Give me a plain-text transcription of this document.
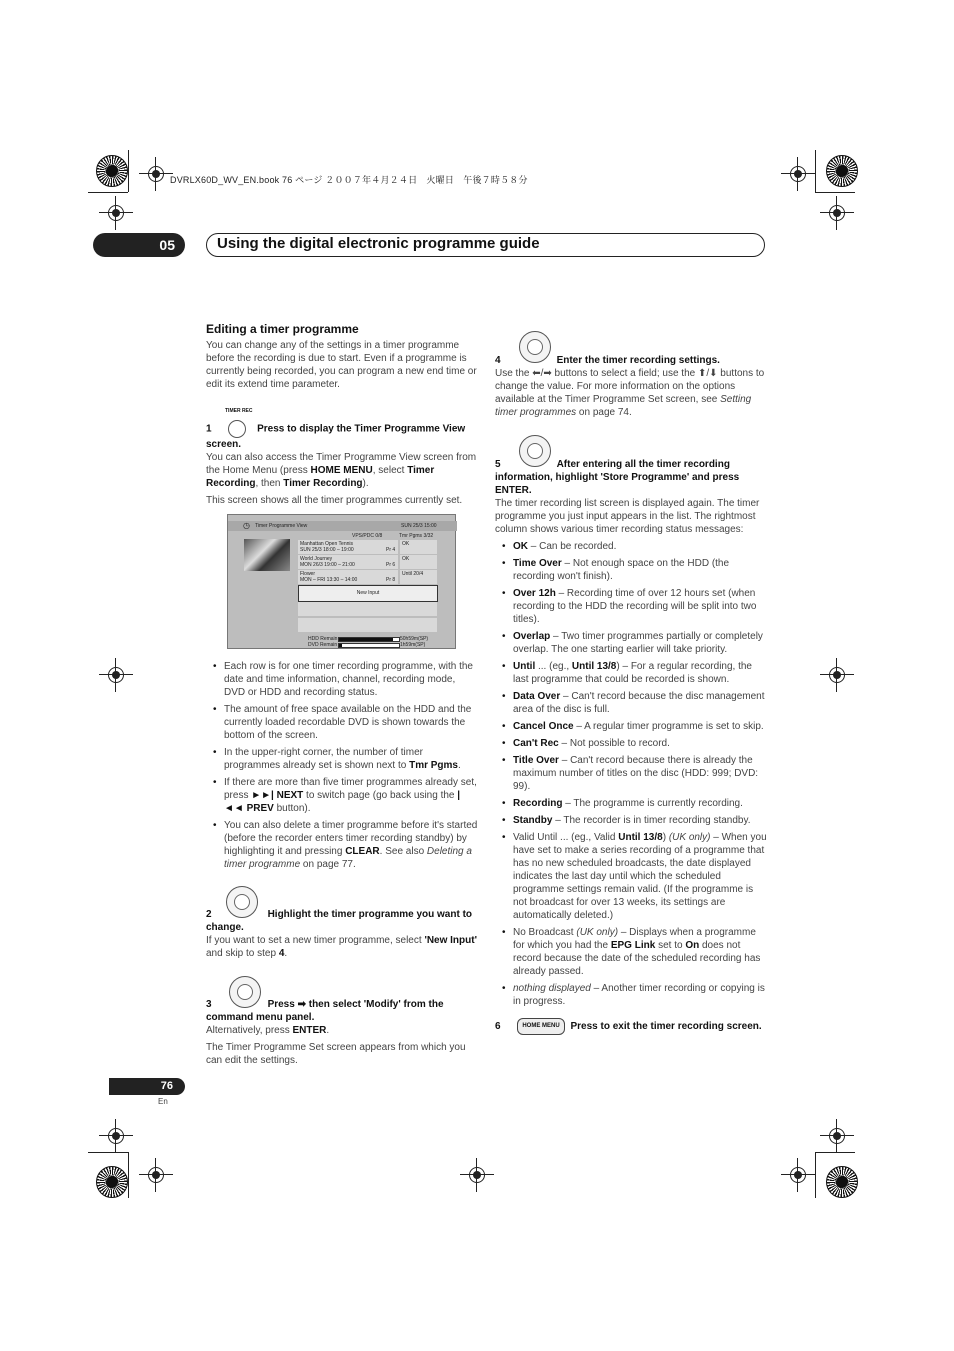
DVRLX60D_WV_EN.book 76 ページ ２００７年４月２４日　火曜日　午後７時５８分
05	Using the digital electronic programme guide
Editing a timer programme

You can change any of the settings in a timer programme before the recording is due to start. Even if a programme is currently being recorded, you can program a new end time or edit its extend time parameter.

TIMER REC

1	Press to display the Timer Programme View screen.

You can also access the Timer Programme View screen from the Home Menu (press HOME MENU, select Timer Recording, then Timer Recording).

This screen shows all the timer programmes currently set.

◷ Timer Programme View	SUN 25/3 15:00
VPS/PDC 0/8	Tmr Pgms 3/32
Manhattan Open Tennis
SUN 25/3 18:00 – 19:00	Pr 4
OK
World Journey
MON 26/3 19:00 – 21:00	Pr 6
OK
Flower
MON – FRI 13:30 – 14:00	Pr 8
Until 20/4
New Input
HDD Remain	50h59m(SP)
DVD Remain	1h59m(SP)
• Each row is for one timer recording programme, with the date and time information, channel, recording mode, DVD or HDD and recording status.
• The amount of free space available on the HDD and the currently loaded recordable DVD is shown towards the bottom of the screen.
• In the upper-right corner, the number of timer programmes already set is shown next to Tmr Pgms.
• If there are more than five timer programmes already set, press ►►| NEXT to switch page (go back using the |◄◄ PREV button).
• You can also delete a timer programme before it's started (before the recorder enters timer recording standby) by highlighting it and pressing CLEAR. See also Deleting a timer programme on page 77.

2	Highlight the timer programme you want to change.

If you want to set a new timer programme, select 'New Input' and skip to step 4.

3	Press ➡ then select 'Modify' from the command menu panel.

Alternatively, press ENTER.

The Timer Programme Set screen appears from which you can edit the settings.

4	Enter the timer recording settings.

Use the ⬅/➡ buttons to select a field; use the ⬆/⬇ buttons to change the value. For more information on the options available at the Timer Programme Set screen, see Setting timer programmes on page 74.

5	After entering all the timer recording information, highlight 'Store Programme' and press ENTER.

The timer recording list screen is displayed again. The timer programme you just input appears in the list. The rightmost column shows various timer recording status messages:

• OK – Can be recorded.
• Time Over – Not enough space on the HDD (the recording won't finish).
• Over 12h – Recording time of over 12 hours set (when recording to the HDD the recording will be split into two titles).
• Overlap – Two timer programmes partially or completely overlap. The one starting earlier will take priority.
• Until ... (eg., Until 13/8) – For a regular recording, the last programme that could be recorded is shown.
• Data Over – Can't record because the disc management area of the disc is full.
• Cancel Once – A regular timer programme is set to skip.
• Can't Rec – Not possible to record.
• Title Over – Can't record because there is already the maximum number of titles on the disc (HDD: 999; DVD: 99).
• Recording – The programme is currently recording.
• Standby – The recorder is in timer recording standby.
• Valid Until ... (eg., Valid Until 13/8) (UK only) – When you have set to make a series recording of a programme that has no new scheduled broadcasts, the date displayed indicates the last day until which the scheduled programme settings remain valid. (If the programme is not broadcast for over 13 weeks, its settings are automatically deleted.)
• No Broadcast (UK only) – Displays when a programme for which you had the EPG Link set to On does not record because the date of the scheduled recording has already passed.
• nothing displayed – Another timer recording or copying is in progress.

6	HOME MENU Press to exit the timer recording screen.

76
En
